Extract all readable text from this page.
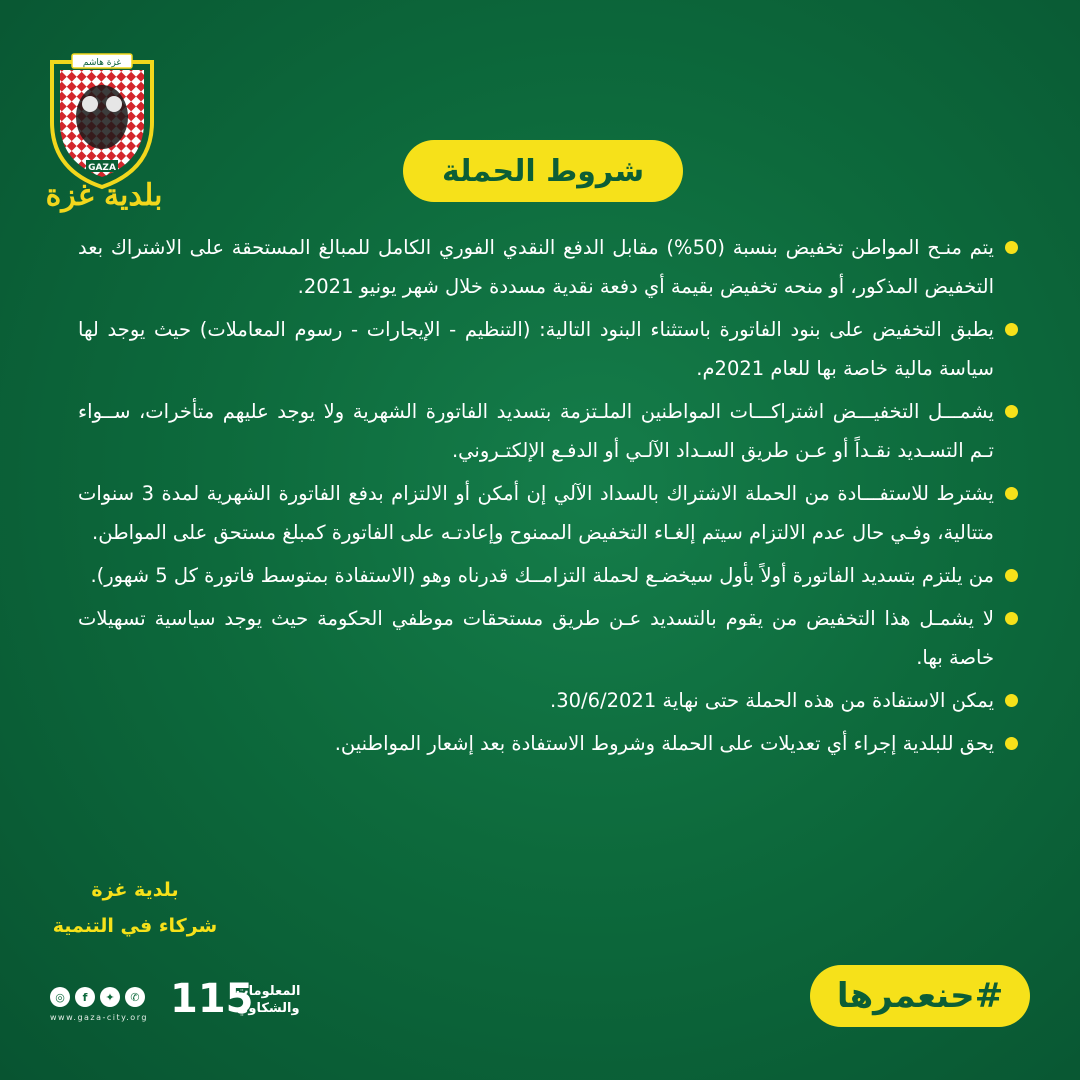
غزة هاشم
GAZA
بلدية غزة
شروط الحملة
يتم منـح المواطن تخفيض بنسبة (50%) مقابل الدفع النقدي الفوري الكامل للمبالغ المستحقة على الاشتراك بعد التخفيض المذكور، أو منحه تخفيض بقيمة أي دفعة نقدية مسددة خلال شهر يونيو 2021.
يطبق التخفيض على بنود الفاتورة باستثناء البنود التالية: (التنظيم - الإيجارات - رسوم المعاملات) حيث يوجد لها سياسة مالية خاصة بها للعام 2021م.
يشمـــل التخفيـــض اشتراكـــات المواطنين الملـتزمة بتسديد الفاتورة الشهرية ولا يوجد عليهم متأخرات، ســواء تـم التسـديد نقـداً أو عـن طريق السـداد الآلـي أو الدفـع الإلكتـروني.
يشترط للاستفـــادة من الحملة الاشتراك بالسداد الآلي إن أمكن أو الالتزام بدفع الفاتورة الشهرية لمدة 3 سنوات متتالية، وفـي حال عدم الالتزام سيتم إلغـاء التخفيض الممنوح وإعادتـه على الفاتورة كمبلغ مستحق على المواطن.
من يلتزم بتسديد الفاتورة أولاً بأول سيخضـع لحملة التزامــك قدرناه وهو (الاستفادة بمتوسط فاتورة كل 5 شهور).
لا يشمـل هذا التخفيض من يقوم بالتسديد عـن طريق مستحقات موظفي الحكومة حيث يوجد سياسية تسهيلات خاصة بها.
يمكن الاستفادة من هذه الحملة حتى نهاية 30/6/2021.
يحق للبلدية إجراء أي تعديلات على الحملة وشروط الاستفادة بعد إشعار المواطنين.
بلدية غزة
شركاء في التنمية
◎	f	✦	✆
www.gaza-city.org 115
المعلومات
والشكاوي	#حنعمرها
